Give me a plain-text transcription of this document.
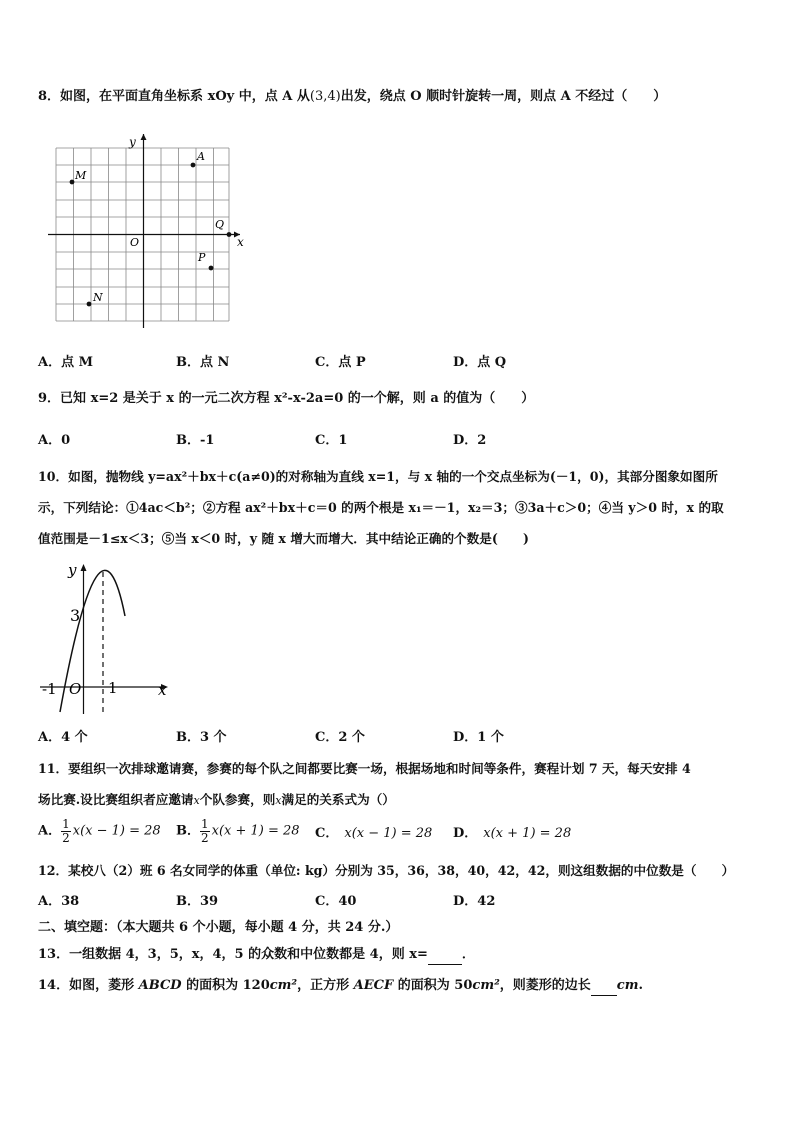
8．如图，在平面直角坐标系 xOy 中，点 A 从(3,4)出发，绕点 O 顺时针旋转一周，则点 A 不经过（　　）
y
x
O
A
M
Q
P
N
A．点 M	B．点 N	C．点 P	D．点 Q
9．已知 x=2 是关于 x 的一元二次方程 x²-x-2a=0 的一个解，则 a 的值为（　　）
A．0	B．-1	C．1	D．2
10．如图，抛物线 y=ax²＋bx＋c(a≠0)的对称轴为直线 x=1，与 x 轴的一个交点坐标为(－1，0)，其部分图象如图所
示，下列结论：①4ac＜b²；②方程 ax²＋bx＋c＝0 的两个根是 x₁＝－1，x₂＝3；③3a＋c＞0；④当 y＞0 时，x 的取
值范围是－1≤x＜3；⑤当 x＜0 时，y 随 x 增大而增大．其中结论正确的个数是(　　)
y
x
3
-1 O 1
A．4 个	B．3 个	C．2 个	D．1 个
11．要组织一次排球邀请赛，参赛的每个队之间都要比赛一场，根据场地和时间等条件，赛程计划 7 天，每天安排 4
场比赛.设比赛组织者应邀请x个队参赛，则x满足的关系式为（）
A． $\frac{1}{2} x(x - 1) = 28$ B． $\frac{1}{2} x(x + 1) = 28$ C． x(x − 1) = 28 D． x(x + 1) = 28
12．某校八（2）班 6 名女同学的体重（单位: kg）分别为 35，36，38，40，42，42，则这组数据的中位数是（　　）
A．38	B．39	C．40	D．42
二、填空题：（本大题共 6 个小题，每小题 4 分，共 24 分.）
13．一组数据 4，3，5，x，4，5 的众数和中位数都是 4，则 x=	．
14．如图，菱形 ABCD 的面积为 120cm²，正方形 AECF 的面积为 50cm²，则菱形的边长 cm.
